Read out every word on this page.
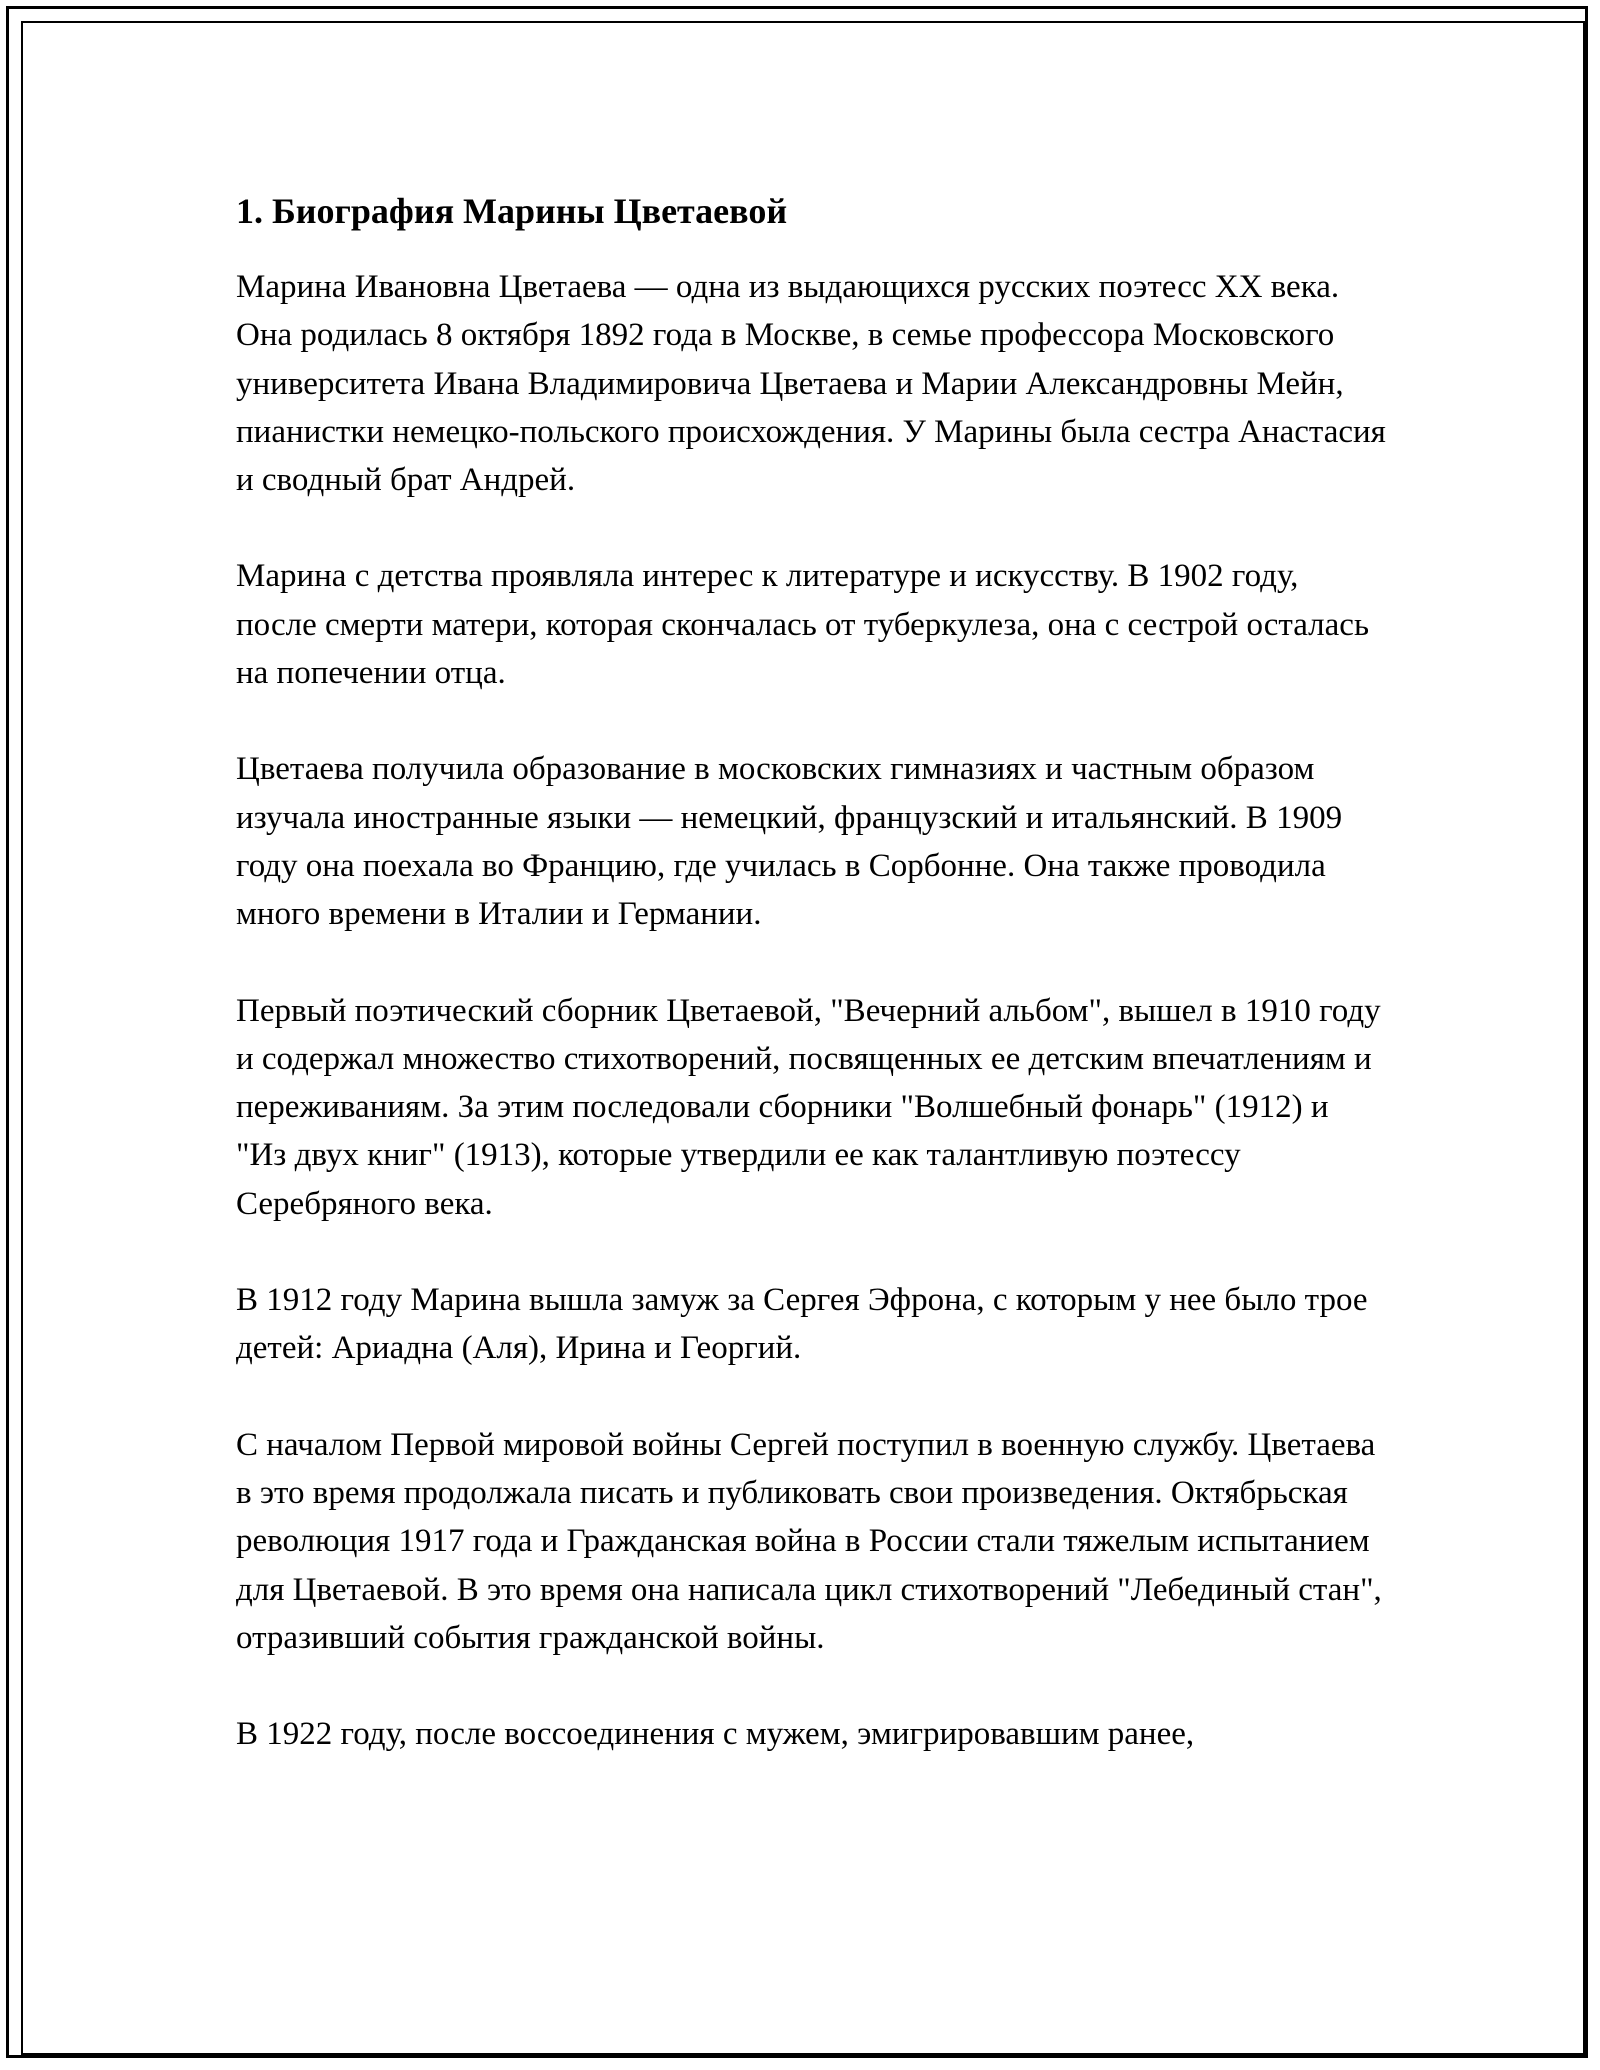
1. Биография Марины Цветаевой

Марина Ивановна Цветаева — одна из выдающихся русских поэтесс XX века. Она родилась 8 октября 1892 года в Москве, в семье профессора Московского университета Ивана Владимировича Цветаева и Марии Александровны Мейн, пианистки немецко-польского происхождения. У Марины была сестра Анастасия и сводный брат Андрей.

Марина с детства проявляла интерес к литературе и искусству. В 1902 году, после смерти матери, которая скончалась от туберкулеза, она с сестрой осталась на попечении отца.

Цветаева получила образование в московских гимназиях и частным образом изучала иностранные языки — немецкий, французский и итальянский. В 1909 году она поехала во Францию, где училась в Сорбонне. Она также проводила много времени в Италии и Германии.

Первый поэтический сборник Цветаевой, "Вечерний альбом", вышел в 1910 году и содержал множество стихотворений, посвященных ее детским впечатлениям и переживаниям. За этим последовали сборники "Волшебный фонарь" (1912) и "Из двух книг" (1913), которые утвердили ее как талантливую поэтессу Серебряного века.

В 1912 году Марина вышла замуж за Сергея Эфрона, с которым у нее было трое детей: Ариадна (Аля), Ирина и Георгий.

С началом Первой мировой войны Сергей поступил в военную службу. Цветаева в это время продолжала писать и публиковать свои произведения. Октябрьская революция 1917 года и Гражданская война в России стали тяжелым испытанием для Цветаевой. В это время она написала цикл стихотворений "Лебединый стан", отразивший события гражданской войны.

В 1922 году, после воссоединения с мужем, эмигрировавшим ранее,
